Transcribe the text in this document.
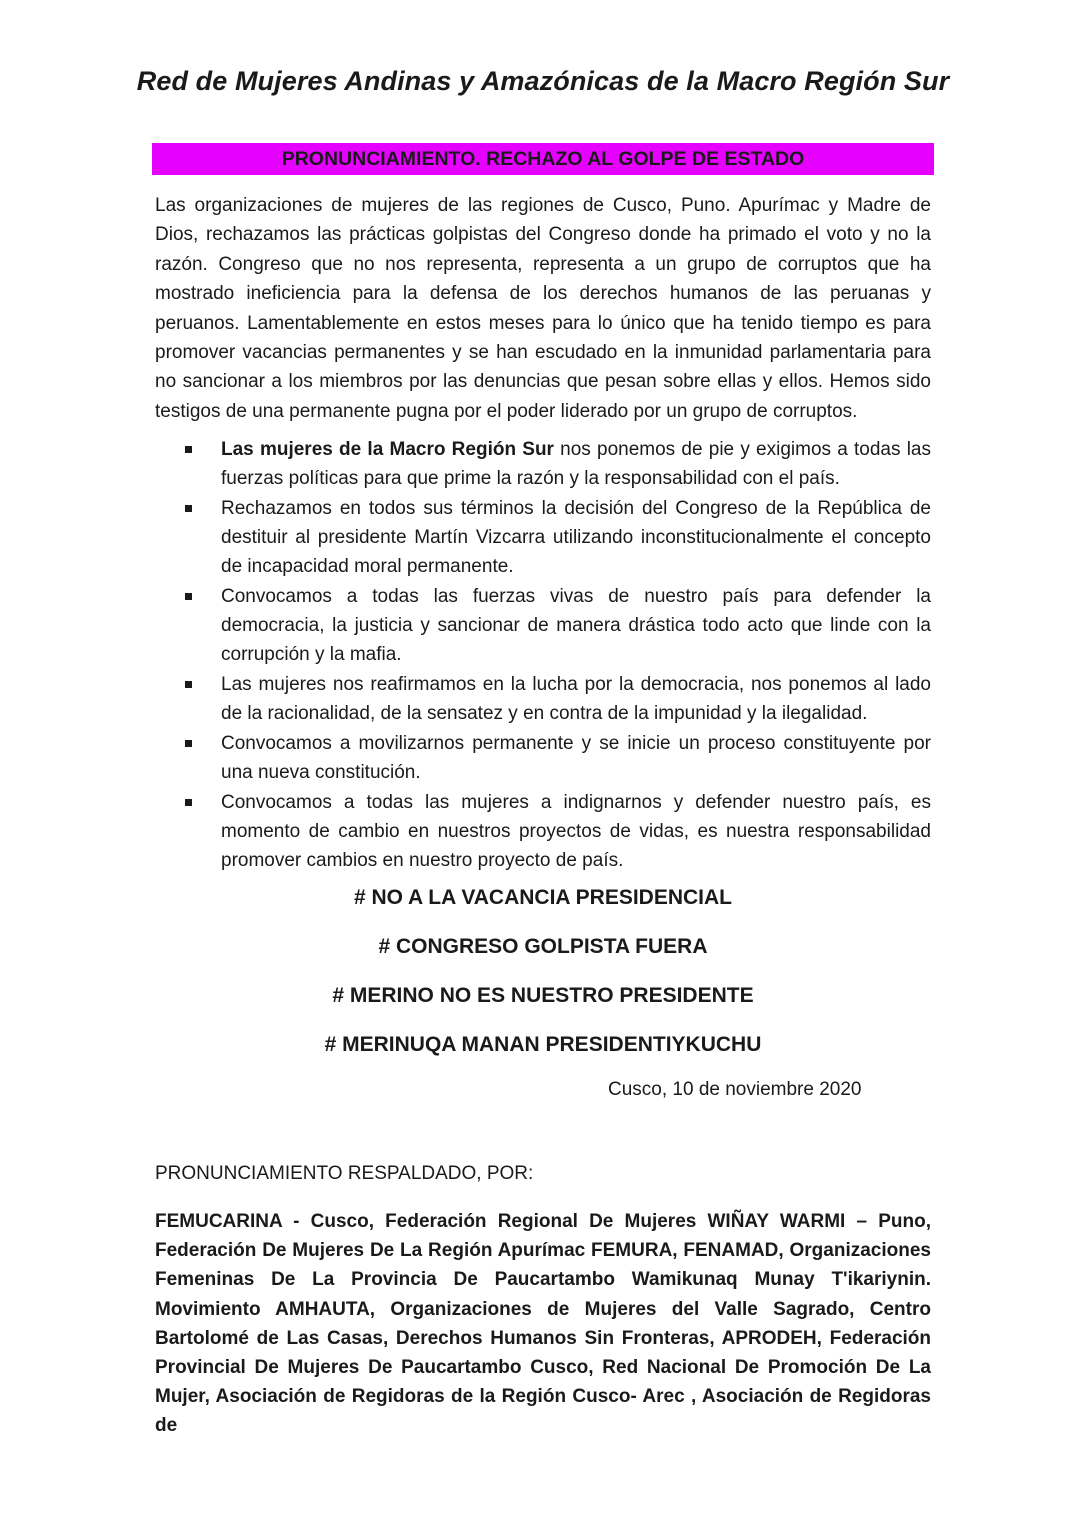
Red de Mujeres Andinas y Amazónicas de la Macro Región Sur
PRONUNCIAMIENTO. RECHAZO AL GOLPE DE ESTADO

Las organizaciones de mujeres de las regiones de Cusco, Puno. Apurímac y Madre de Dios, rechazamos las prácticas golpistas del Congreso donde ha primado el voto y no la razón. Congreso que no nos representa, representa a un grupo de corruptos que ha mostrado ineficiencia para la defensa de los derechos humanos de las peruanas y peruanos. Lamentablemente en estos meses para lo único que ha tenido tiempo es para promover vacancias permanentes y se han escudado en la inmunidad parlamentaria para no sancionar a los miembros por las denuncias que pesan sobre ellas y ellos. Hemos sido testigos de una permanente pugna por el poder liderado por un grupo de corruptos.

Las mujeres de la Macro Región Sur nos ponemos de pie y exigimos a todas las fuerzas políticas para que prime la razón y la responsabilidad con el país.
Rechazamos en todos sus términos la decisión del Congreso de la República de destituir al presidente Martín Vizcarra utilizando inconstitucionalmente el concepto de incapacidad moral permanente.
Convocamos a todas las fuerzas vivas de nuestro país para defender la democracia, la justicia y sancionar de manera drástica todo acto que linde con la corrupción y la mafia.
Las mujeres nos reafirmamos en la lucha por la democracia, nos ponemos al lado de la racionalidad, de la sensatez y en contra de la impunidad y la ilegalidad.
Convocamos a movilizarnos permanente y se inicie un proceso constituyente por una nueva constitución.
Convocamos a todas las mujeres a indignarnos y defender nuestro país, es momento de cambio en nuestros proyectos de vidas, es nuestra responsabilidad promover cambios en nuestro proyecto de país.
# NO A LA VACANCIA PRESIDENCIAL
# CONGRESO GOLPISTA FUERA
# MERINO NO ES NUESTRO PRESIDENTE
# MERINUQA MANAN PRESIDENTIYKUCHU
Cusco, 10 de noviembre 2020
PRONUNCIAMIENTO RESPALDADO, POR:

FEMUCARINA - Cusco, Federación Regional De Mujeres WIÑAY WARMI – Puno, Federación De Mujeres De La Región Apurímac FEMURA, FENAMAD, Organizaciones Femeninas De La Provincia De Paucartambo Wamikunaq Munay T'ikariynin. Movimiento AMHAUTA, Organizaciones de Mujeres del Valle Sagrado, Centro Bartolomé de Las Casas, Derechos Humanos Sin Fronteras, APRODEH, Federación Provincial De Mujeres De Paucartambo Cusco, Red Nacional De Promoción De La Mujer, Asociación de Regidoras de la Región Cusco- Arec , Asociación de Regidoras de
